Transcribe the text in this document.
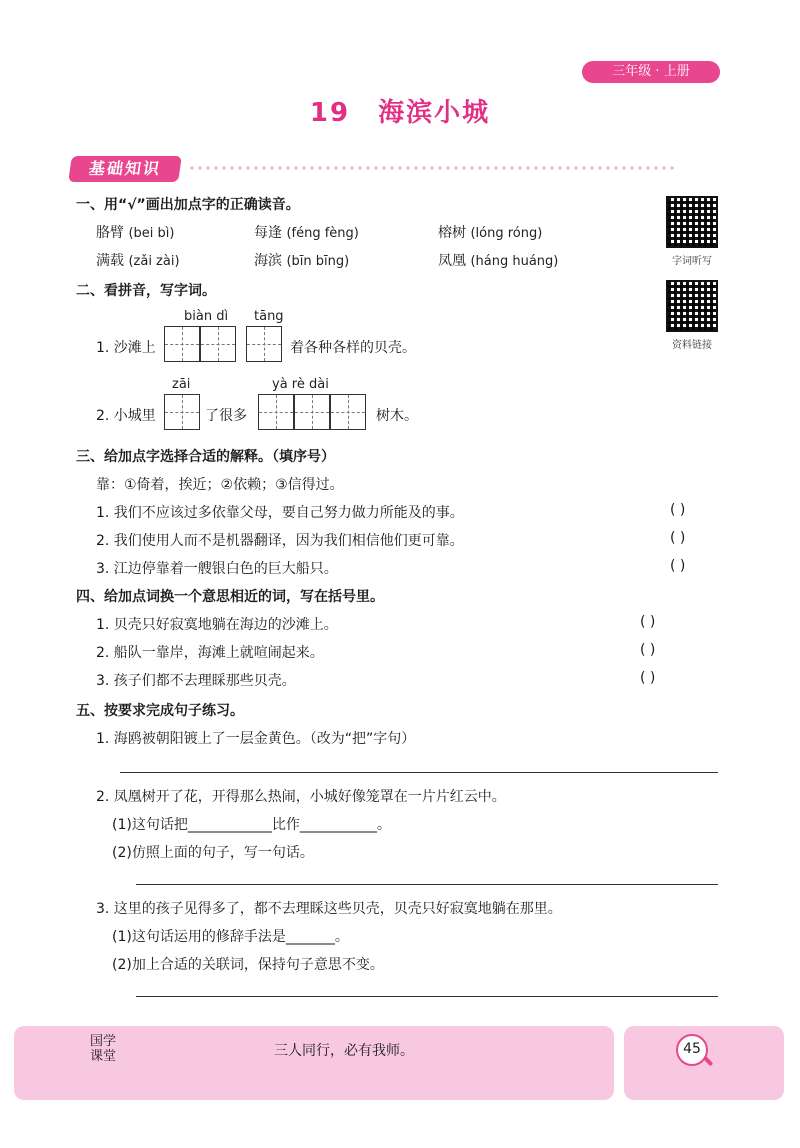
三年级 · 上册
19 海滨小城
基础知识
字词听写
资料链接
一、用“√”画出加点字的正确读音。
胳臂 (bei bì)	每逢 (féng fèng)	榕树 (lóng róng)
满载 (zǎi zài)	海滨 (bīn bīng)	凤凰 (háng huáng)
二、看拼音，写字词。
biàn dì tāng
1. 沙滩上	着各种各样的贝壳。
zāi	yà rè dài
2. 小城里	了很多	树木。
三、给加点字选择合适的解释。（填序号）
靠：①倚着，挨近；②依赖；③信得过。
1. 我们不应该过多依靠父母，要自己努力做力所能及的事。	( )
2. 我们使用人而不是机器翻译，因为我们相信他们更可靠。	( )
3. 江边停靠着一艘银白色的巨大船只。	( )
四、给加点词换一个意思相近的词，写在括号里。
1. 贝壳只好寂寞地躺在海边的沙滩上。	( )
2. 船队一靠岸，海滩上就喧闹起来。	( )
3. 孩子们都不去理睬那些贝壳。	( )
五、按要求完成句子练习。
1. 海鸥被朝阳镀上了一层金黄色。（改为“把”字句）
2. 凤凰树开了花，开得那么热闹，小城好像笼罩在一片片红云中。
(1)这句话把____________比作___________。
(2)仿照上面的句子，写一句话。
3. 这里的孩子见得多了，都不去理睬这些贝壳，贝壳只好寂寞地躺在那里。
(1)这句话运用的修辞手法是_______。
(2)加上合适的关联词，保持句子意思不变。
国学
课堂	三人同行，必有我师。	45
